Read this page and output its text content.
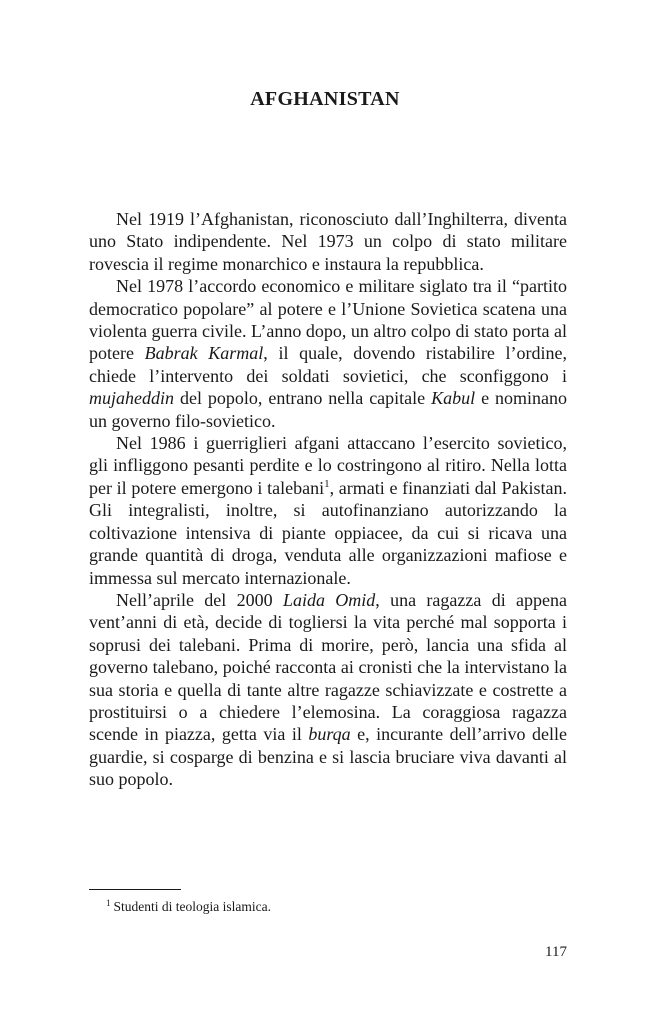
AFGHANISTAN

Nel 1919 l’Afghanistan, riconosciuto dall’Inghilterra, diventa uno Stato indipendente. Nel 1973 un colpo di stato militare rovescia il regime monarchico e instaura la repubblica.

Nel 1978 l’accordo economico e militare siglato tra il “partito democratico popolare” al potere e l’Unione Sovietica scatena una violenta guerra civile. L’anno dopo, un altro colpo di stato porta al potere Babrak Karmal, il quale, dovendo ristabilire l’ordine, chiede l’intervento dei soldati sovietici, che sconfiggono i mujaheddin del popolo, entrano nella capitale Kabul e nominano un governo filo-sovietico.

Nel 1986 i guerriglieri afgani attaccano l’esercito sovietico, gli infliggono pesanti perdite e lo costringono al ritiro. Nella lotta per il potere emergono i talebani$^1$, armati e finanziati dal Pakistan. Gli integralisti, inoltre, si autofinanziano autorizzando la coltivazione intensiva di piante oppiacee, da cui si ricava una grande quantità di droga, venduta alle organizzazioni mafiose e immessa sul mercato internazionale.

Nell’aprile del 2000 Laida Omid, una ragazza di appena vent’anni di età, decide di togliersi la vita perché mal sopporta i soprusi dei talebani. Prima di morire, però, lancia una sfida al governo talebano, poiché racconta ai cronisti che la intervistano la sua storia e quella di tante altre ragazze schiavizzate e costrette a prostituirsi o a chiedere l’elemosina. La coraggiosa ragazza scende in piazza, getta via il burqa e, incurante dell’arrivo delle guardie, si cosparge di benzina e si lascia bruciare viva davanti al suo popolo.

$^1$ Studenti di teologia islamica.

117
